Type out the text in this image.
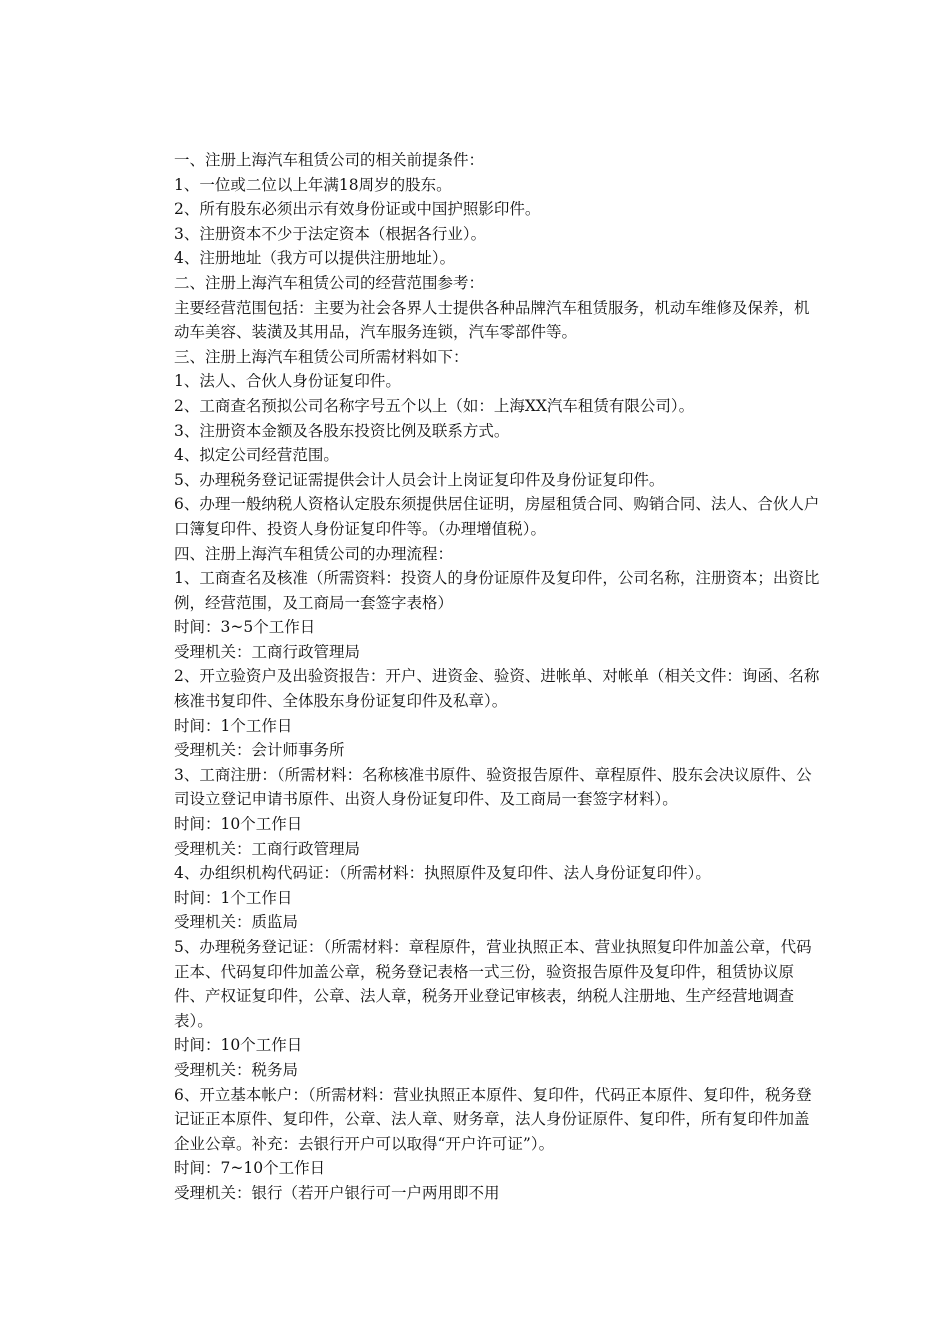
一、注册上海汽车租赁公司的相关前提条件：

1、一位或二位以上年满18周岁的股东。

2、所有股东必须出示有效身份证或中国护照影印件。

3、注册资本不少于法定资本（根据各行业）。

4、注册地址（我方可以提供注册地址）。

二、注册上海汽车租赁公司的经营范围参考：

主要经营范围包括：主要为社会各界人士提供各种品牌汽车租赁服务，机动车维修及保养，机动车美容、装潢及其用品，汽车服务连锁，汽车零部件等。

三、注册上海汽车租赁公司所需材料如下：

1、法人、合伙人身份证复印件。

2、工商查名预拟公司名称字号五个以上（如：上海XX汽车租赁有限公司）。

3、注册资本金额及各股东投资比例及联系方式。

4、拟定公司经营范围。

5、办理税务登记证需提供会计人员会计上岗证复印件及身份证复印件。

6、办理一般纳税人资格认定股东须提供居住证明，房屋租赁合同、购销合同、法人、合伙人户口簿复印件、投资人身份证复印件等。（办理增值税）。

四、注册上海汽车租赁公司的办理流程：

1、工商查名及核准（所需资料：投资人的身份证原件及复印件，公司名称，注册资本；出资比例，经营范围，及工商局一套签字表格）

时间：3~5个工作日

受理机关：工商行政管理局

2、开立验资户及出验资报告：开户、进资金、验资、进帐单、对帐单（相关文件：询函、名称核准书复印件、全体股东身份证复印件及私章）。

时间：1个工作日

受理机关：会计师事务所

3、工商注册：（所需材料：名称核准书原件、验资报告原件、章程原件、股东会决议原件、公司设立登记申请书原件、出资人身份证复印件、及工商局一套签字材料）。

时间：10个工作日

受理机关：工商行政管理局

4、办组织机构代码证：（所需材料：执照原件及复印件、法人身份证复印件）。

时间：1个工作日

受理机关：质监局

5、办理税务登记证：（所需材料：章程原件，营业执照正本、营业执照复印件加盖公章，代码正本、代码复印件加盖公章，税务登记表格一式三份，验资报告原件及复印件，租赁协议原件、产权证复印件，公章、法人章，税务开业登记审核表，纳税人注册地、生产经营地调查表）。

时间：10个工作日

受理机关：税务局

6、开立基本帐户：（所需材料：营业执照正本原件、复印件，代码正本原件、复印件，税务登记证正本原件、复印件，公章、法人章、财务章，法人身份证原件、复印件，所有复印件加盖企业公章。补充：去银行开户可以取得“开户许可证”）。

时间：7~10个工作日

受理机关：银行（若开户银行可一户两用即不用
